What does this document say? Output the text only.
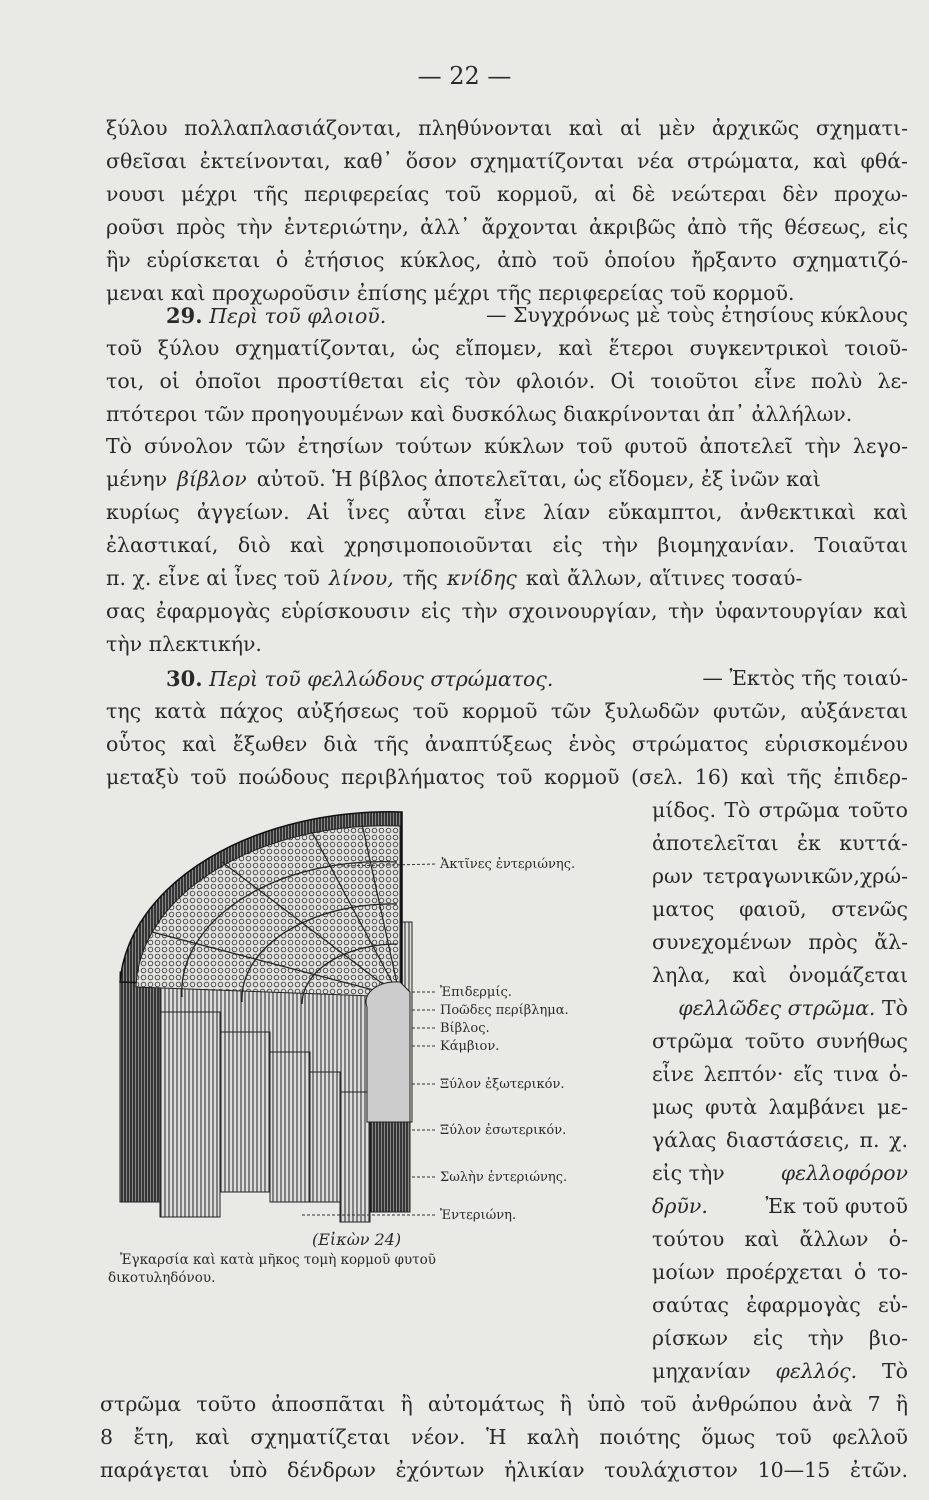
— 22 —
ξύλου πολλαπλασιάζονται, πληθύνονται καὶ αἱ μὲν ἀρχικῶς σχηματι-
σθεῖσαι ἐκτείνονται, καθ᾽ ὅσον σχηματίζονται νέα στρώματα, καὶ φθά-
νουσι μέχρι τῆς περιφερείας τοῦ κορμοῦ, αἱ δὲ νεώτεραι δὲν προχω-
ροῦσι πρὸς τὴν ἐντεριώτην, ἀλλ᾽ ἄρχονται ἀκριβῶς ἀπὸ τῆς θέσεως, εἰς
ἣν εὑρίσκεται ὁ ἐτήσιος κύκλος, ἀπὸ τοῦ ὁποίου ἤρξαντο σχηματιζό-
μεναι καὶ προχωροῦσιν ἐπίσης μέχρι τῆς περιφερείας τοῦ κορμοῦ.
29. Περὶ τοῦ φλοιοῦ.	— Συγχρόνως μὲ τοὺς ἐτησίους κύκλους
τοῦ ξύλου σχηματίζονται, ὡς εἴπομεν, καὶ ἕτεροι συγκεντρικοὶ τοιοῦ-
τοι, οἱ ὁποῖοι προστίθεται εἰς τὸν φλοιόν. Οἱ τοιοῦτοι εἶνε πολὺ λε-
πτότεροι τῶν προηγουμένων καὶ δυσκόλως διακρίνονται ἀπ᾽ ἀλλήλων.
Τὸ σύνολον τῶν ἐτησίων τούτων κύκλων τοῦ φυτοῦ ἀποτελεῖ τὴν λεγο-
μένην βίβλον αὐτοῦ. Ἡ βίβλος ἀποτελεῖται, ὡς εἴδομεν, ἐξ ἰνῶν καὶ
κυρίως ἀγγείων. Αἱ ἶνες αὗται εἶνε λίαν εὔκαμπτοι, ἀνθεκτικαὶ καὶ
ἐλαστικαί, διὸ καὶ χρησιμοποιοῦνται εἰς τὴν βιομηχανίαν. Τοιαῦται
π. χ. εἶνε αἱ ἶνες τοῦ λίνου, τῆς κνίδης καὶ ἄλλων, αἵτινες τοσαύ-
σας ἐφαρμογὰς εὑρίσκουσιν εἰς τὴν σχοινουργίαν, τὴν ὑφαντουργίαν καὶ
τὴν πλεκτικήν.
30. Περὶ τοῦ φελλώδους στρώματος.	— Ἐκτὸς τῆς τοιαύ-
της κατὰ πάχος αὐξήσεως τοῦ κορμοῦ τῶν ξυλωδῶν φυτῶν, αὐξάνεται
οὗτος καὶ ἔξωθεν διὰ τῆς ἀναπτύξεως ἑνὸς στρώματος εὑρισκομένου
μεταξὺ τοῦ ποώδους περιβλήματος τοῦ κορμοῦ (σελ. 16) καὶ τῆς ἐπιδερ-
μίδος. Τὸ στρῶμα τοῦτο
ἀποτελεῖται ἐκ κυττά-
ρων τετραγωνικῶν,χρώ-
ματος φαιοῦ, στενῶς
συνεχομένων πρὸς ἄλ-
ληλα, καὶ ὀνομάζεται
φελλῶδες στρῶμα. Τὸ
στρῶμα τοῦτο συνήθως
εἶνε λεπτόν· εἴς τινα ὁ-
μως φυτὰ λαμβάνει με-
γάλας διαστάσεις, π. χ.
εἰς τὴν	φελλοφόρον
δρῦν.	Ἐκ τοῦ φυτοῦ
τούτου καὶ ἄλλων ὁ-
μοίων προέρχεται ὁ το-
σαύτας ἐφαρμογὰς εὑ-
ρίσκων εἰς τὴν βιο-
μηχανίαν φελλός. Τὸ
στρῶμα τοῦτο ἀποσπᾶται ἢ αὐτομάτως ἢ ὑπὸ τοῦ ἀνθρώπου ἀνὰ 7 ἢ
8 ἔτη, καὶ σχηματίζεται νέον. Ἡ καλὴ ποιότης ὅμως τοῦ φελλοῦ
παράγεται ὑπὸ δένδρων ἐχόντων ἡλικίαν τουλάχιστον 10—15 ἐτῶν.
Ἀκτῖνες ἐντεριώνης.
Ἐπιδερμίς.
Ποῶδες περίβλημα.
Βίβλος.
Κάμβιον.
Ξύλον ἐξωτερικόν.
Ξύλον ἐσωτερικόν.
Σωλὴν ἐντεριώνης.
Ἐντεριώνη.
(Εἰκὼν 24)
Ἐγκαρσία καὶ κατὰ μῆκος τομὴ κορμοῦ φυτοῦ
δικοτυληδόνου.
